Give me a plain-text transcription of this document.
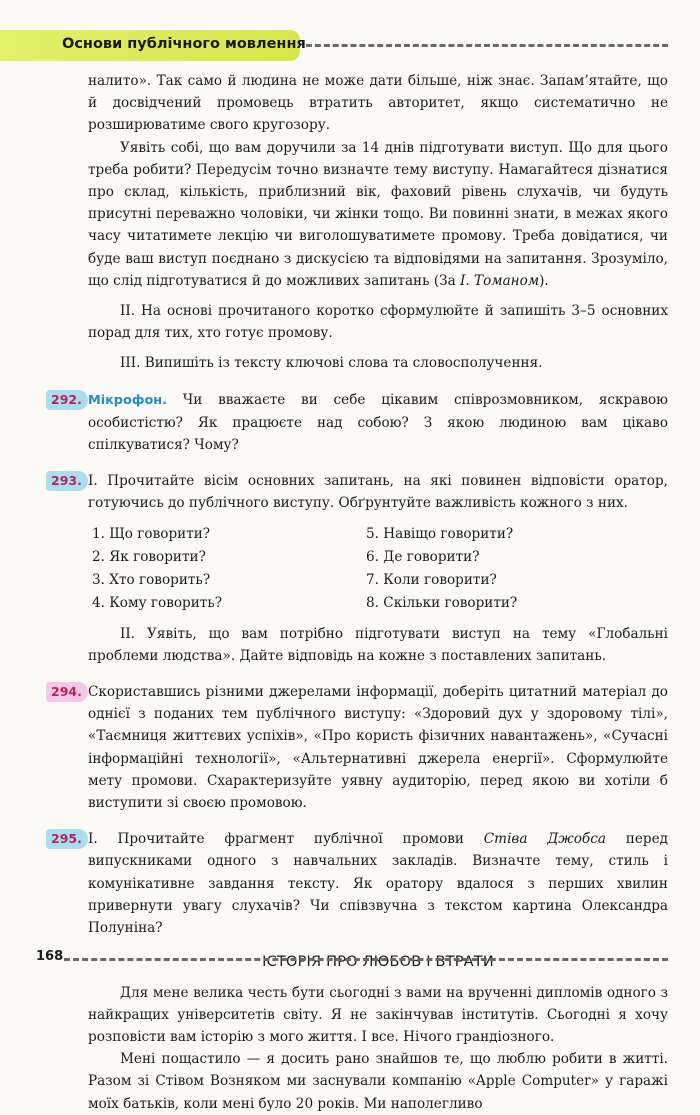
Основи публічного мовлення

налито». Так само й людина не може дати більше, ніж знає. Запам’ятайте, що й досвідчений промовець втратить авторитет, якщо систематично не розширюватиме свого кругозору.

Уявіть собі, що вам доручили за 14 днів підготувати виступ. Що для цього треба робити? Передусім точно визначте тему виступу. Намагайтеся дізнатися про склад, кількість, приблизний вік, фаховий рівень слухачів, чи будуть присутні переважно чоловіки, чи жінки тощо. Ви повинні знати, в межах якого часу читатимете лекцію чи виголошуватимете промову. Треба довідатися, чи буде ваш виступ поєднано з дискусією та відповідями на запитання. Зрозуміло, що слід підготуватися й до можливих запитань (За І. Томаном).

II. На основі прочитаного коротко сформулюйте й запишіть 3–5 основних порад для тих, хто готує промову.

III. Випишіть із тексту ключові слова та словосполучення.

292. Мікрофон. Чи вважаєте ви себе цікавим співрозмовником, яскравою особистістю? Як працюєте над собою? З якою людиною вам цікаво спілкуватися? Чому?

293. І. Прочитайте вісім основних запитань, на які повинен відповісти оратор, готуючись до публічного виступу. Обґрунтуйте важливість кожного з них.

1. Що говорити?	5. Навіщо говорити?
2. Як говорити?	6. Де говорити?
3. Хто говорить?	7. Коли говорити?
4. Кому говорить?	8. Скільки говорити?

II. Уявіть, що вам потрібно підготувати виступ на тему «Глобальні проблеми людства». Дайте відповідь на кожне з поставлених запитань.

294. Скориставшись різними джерелами інформації, доберіть цитатний матеріал до однієї з поданих тем публічного виступу: «Здоровий дух у здоровому тілі», «Таємниця життєвих успіхів», «Про користь фізичних навантажень», «Сучасні інформаційні технології», «Альтернативні джерела енергії». Сформулюйте мету промови. Схарактеризуйте уявну аудиторію, перед якою ви хотіли б виступити зі своєю промовою.

295. І. Прочитайте фрагмент публічної промови Стіва Джобса перед випускниками одного з навчальних закладів. Визначте тему, стиль і комунікативне завдання тексту. Як оратору вдалося з перших хвилин привернути увагу слухачів? Чи співзвучна з текстом картина Олександра Полуніна?

ІСТОРІЯ ПРО ЛЮБОВ І ВТРАТИ

Для мене велика честь бути сьогодні з вами на врученні дипломів одного з найкращих університетів світу. Я не закінчував інститутів. Сьогодні я хочу розповісти вам історію з мого життя. І все. Нічого грандіозного.

Мені пощастило — я досить рано знайшов те, що люблю робити в житті. Разом зі Стівом Возняком ми заснували компанію «Apple Computer» у гаражі моїх батьків, коли мені було 20 років. Ми наполегливо

168
